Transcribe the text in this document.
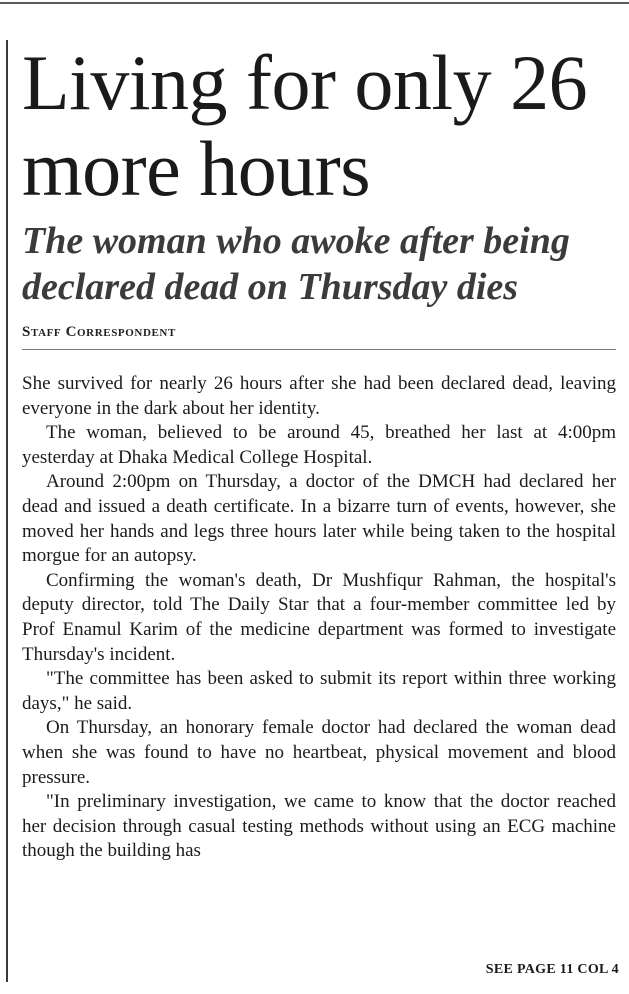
Living for only 26 more hours
The woman who awoke after being declared dead on Thursday dies
Staff Correspondent

She survived for nearly 26 hours after she had been declared dead, leaving everyone in the dark about her identity.

The woman, believed to be around 45, breathed her last at 4:00pm yesterday at Dhaka Medical College Hospital.

Around 2:00pm on Thursday, a doctor of the DMCH had declared her dead and issued a death certificate. In a bizarre turn of events, however, she moved her hands and legs three hours later while being taken to the hospital morgue for an autopsy.

Confirming the woman's death, Dr Mushfiqur Rahman, the hospital's deputy director, told The Daily Star that a four-member committee led by Prof Enamul Karim of the medicine department was formed to investigate Thursday's incident.

"The committee has been asked to submit its report within three working days," he said.

On Thursday, an honorary female doctor had declared the woman dead when she was found to have no heartbeat, physical movement and blood pressure.

"In preliminary investigation, we came to know that the doctor reached her decision through casual testing methods without using an ECG machine though the building has

SEE PAGE 11 COL 4
